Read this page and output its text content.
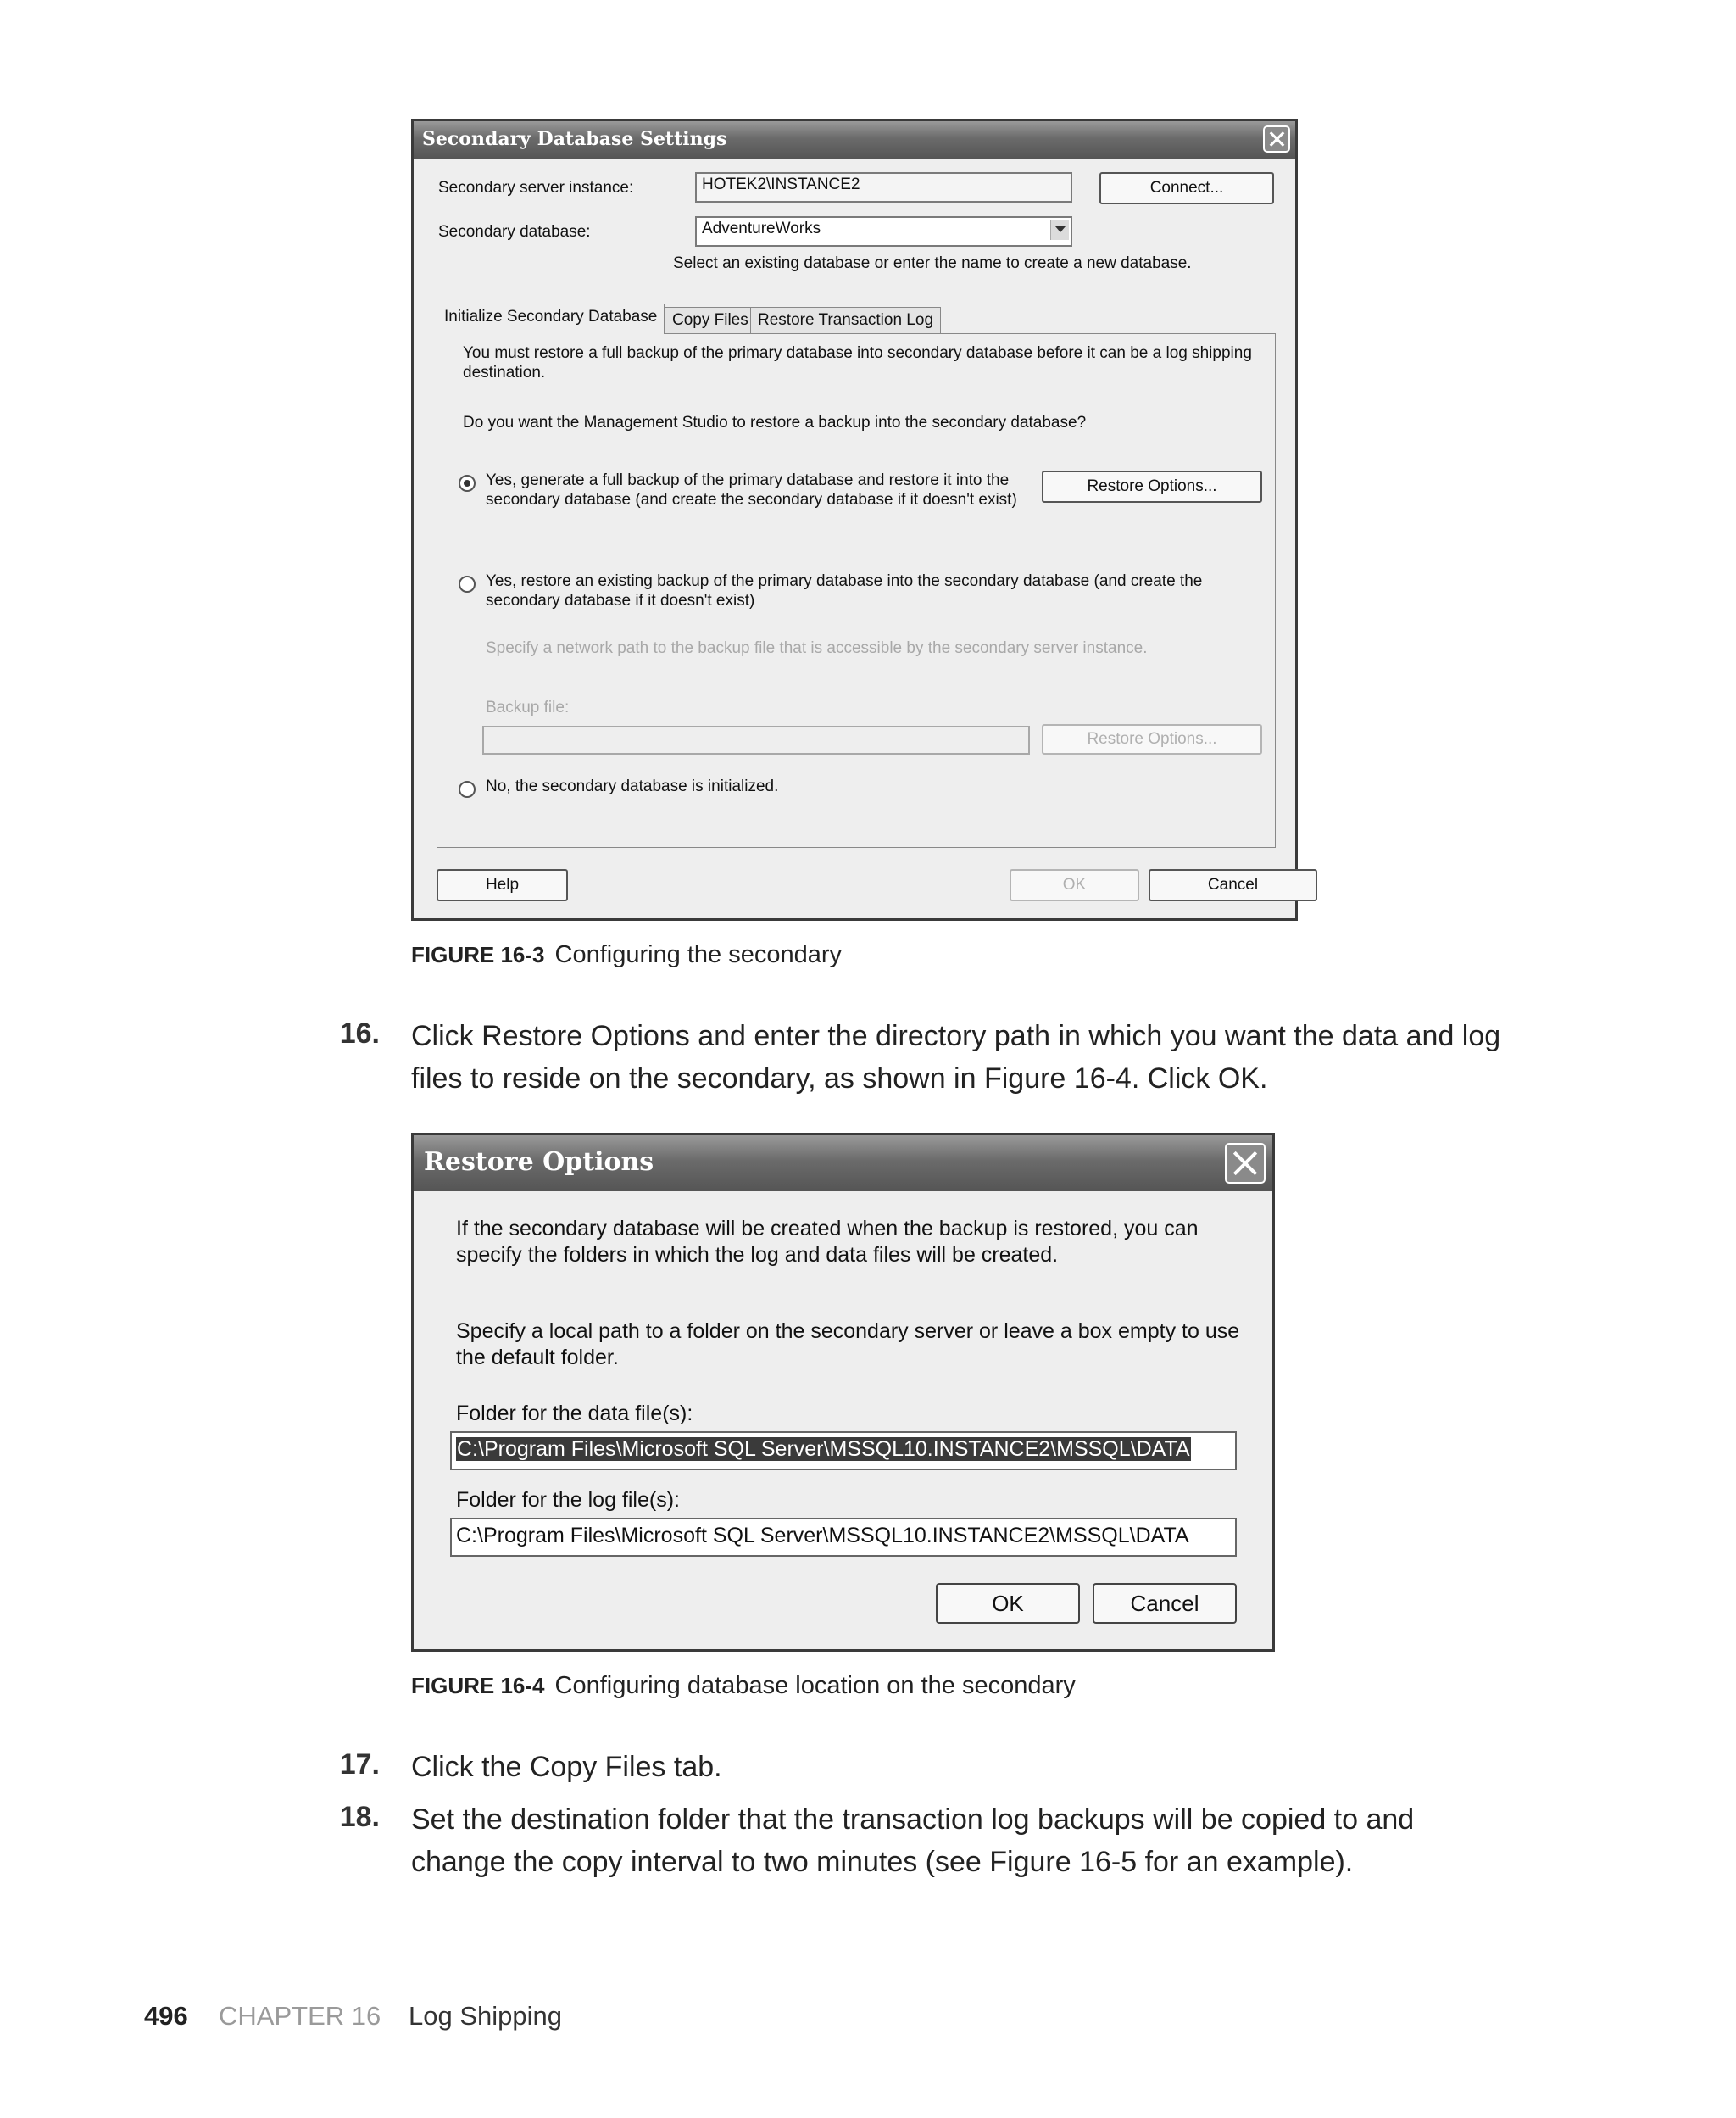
Secondary Database Settings
Secondary server instance:	HOTEK2\INSTANCE2	Connect...
Secondary database:	AdventureWorks
Select an existing database or enter the name to create a new database.
Initialize Secondary Database Copy Files Restore Transaction Log
You must restore a full backup of the primary database into secondary database before it can be a log shipping
destination.
Do you want the Management Studio to restore a backup into the secondary database?
Yes, generate a full backup of the primary database and restore it into the
secondary database (and create the secondary database if it doesn't exist)
Restore Options...
Yes, restore an existing backup of the primary database into the secondary database (and create the
secondary database if it doesn't exist)
Specify a network path to the backup file that is accessible by the secondary server instance.
Backup file:
Restore Options...
No, the secondary database is initialized.
Help	OK	Cancel
FIGURE 16-3 Configuring the secondary
16. Click Restore Options and enter the directory path in which you want the data and log
files to reside on the secondary, as shown in Figure 16-4. Click OK.
Restore Options
If the secondary database will be created when the backup is restored, you can
specify the folders in which the log and data files will be created.
Specify a local path to a folder on the secondary server or leave a box empty to use
the default folder.
Folder for the data file(s):
C:\Program Files\Microsoft SQL Server\MSSQL10.INSTANCE2\MSSQL\DATA
Folder for the log file(s):
C:\Program Files\Microsoft SQL Server\MSSQL10.INSTANCE2\MSSQL\DATA
OK	Cancel
FIGURE 16-4 Configuring database location on the secondary
17. Click the Copy Files tab.
18. Set the destination folder that the transaction log backups will be copied to and
change the copy interval to two minutes (see Figure 16-5 for an example).
496 CHAPTER 16 Log Shipping
